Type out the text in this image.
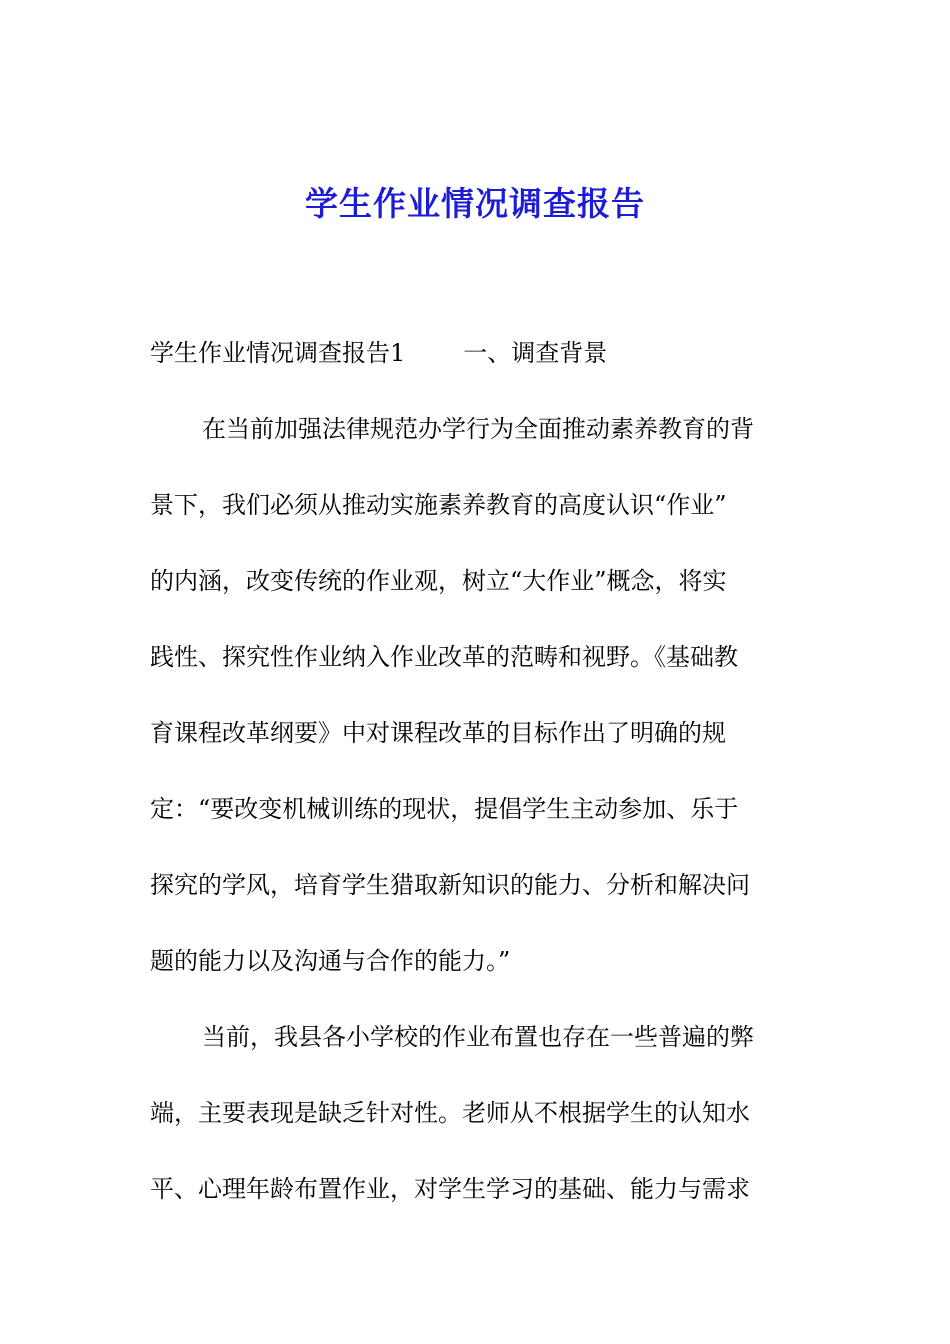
学生作业情况调查报告
学生作业情况调查报告1 一、调查背景
在当前加强法律规范办学行为全面推动素养教育的背
景下，我们必须从推动实施素养教育的高度认识“作业”
的内涵，改变传统的作业观，树立“大作业”概念，将实
践性、探究性作业纳入作业改革的范畴和视野。《基础教
育课程改革纲要》中对课程改革的目标作出了明确的规
定：“要改变机械训练的现状，提倡学生主动参加、乐于
探究的学风，培育学生猎取新知识的能力、分析和解决问
题的能力以及沟通与合作的能力。”
当前，我县各小学校的作业布置也存在一些普遍的弊
端，主要表现是缺乏针对性。老师从不根据学生的认知水
平、心理年龄布置作业，对学生学习的基础、能力与需求
